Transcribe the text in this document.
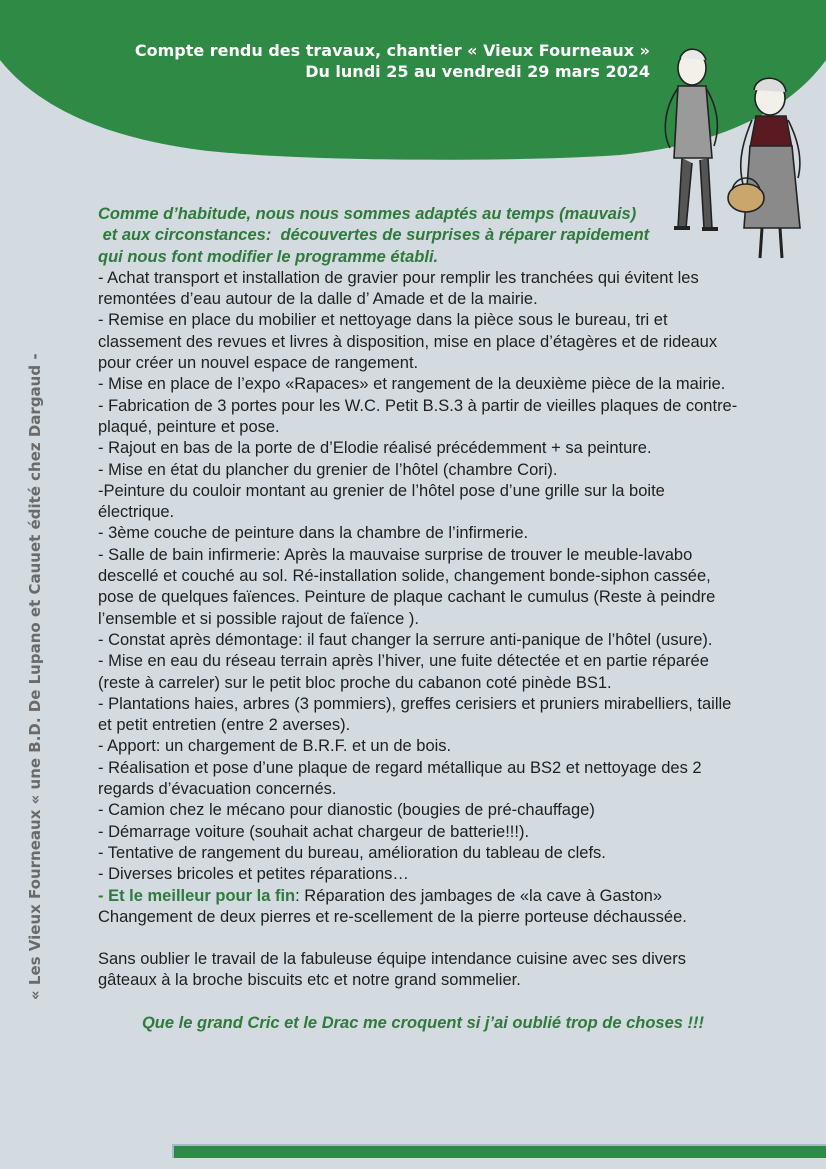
Compte rendu des travaux, chantier « Vieux Fourneaux »
Du lundi 25 au vendredi 29 mars 2024
« Les Vieux Fourneaux « une B.D. De Lupano et Cauuet édité chez Dargaud -
Comme d’habitude, nous nous sommes adaptés au temps (mauvais)
et aux circonstances:  découvertes de surprises à réparer rapidement
qui nous font modifier le programme établi.

- Achat transport et installation de gravier pour remplir les tranchées qui évitent les remontées d’eau autour de la dalle d’ Amade et de la mairie.

- Remise en place du mobilier et nettoyage dans la pièce sous le bureau, tri et classement des revues et livres à disposition, mise en place d’étagères et de rideaux pour créer un nouvel espace de rangement.

- Mise en place de l’expo «Rapaces» et rangement de la deuxième pièce de la mairie.

- Fabrication de 3 portes pour les W.C. Petit B.S.3 à partir de vieilles plaques de contre-plaqué, peinture et pose.

- Rajout en bas de la porte de d’Elodie réalisé précédemment + sa peinture.

- Mise en état du plancher du grenier de l’hôtel (chambre Cori).

-Peinture du couloir montant au grenier de l’hôtel pose d’une grille sur la boite électrique.

- 3ème couche de peinture dans la chambre de l’infirmerie.

- Salle de bain infirmerie: Après la mauvaise surprise de trouver le meuble-lavabo descellé et couché au sol. Ré-installation solide, changement bonde-siphon cassée, pose de quelques faïences. Peinture de plaque cachant le cumulus (Reste à peindre l’ensemble et si possible rajout de faïence ).

- Constat après démontage: il faut changer la serrure anti-panique de l’hôtel (usure).

- Mise en eau du réseau terrain après l’hiver, une fuite détectée et en partie réparée (reste à carreler) sur le petit bloc proche du cabanon coté pinède BS1.

- Plantations haies, arbres (3 pommiers), greffes cerisiers et pruniers mirabelliers, taille et petit entretien (entre 2 averses).

- Apport: un chargement de B.R.F. et un de bois.

- Réalisation et pose d’une plaque de regard métallique au BS2 et nettoyage des 2 regards d’évacuation concernés.

- Camion chez le mécano pour dianostic (bougies de pré-chauffage)

- Démarrage voiture (souhait achat chargeur de batterie!!!).

- Tentative de rangement du bureau, amélioration du tableau de clefs.

- Diverses bricoles et petites réparations…

- Et le meilleur pour la fin: Réparation des jambages de «la cave à Gaston» Changement de deux pierres et re-scellement de la pierre porteuse déchaussée.

Sans oublier le travail de la fabuleuse équipe intendance cuisine avec ses divers gâteaux à la broche biscuits etc et notre grand sommelier.

Que le grand Cric et le Drac me croquent si j’ai oublié trop de choses !!!
